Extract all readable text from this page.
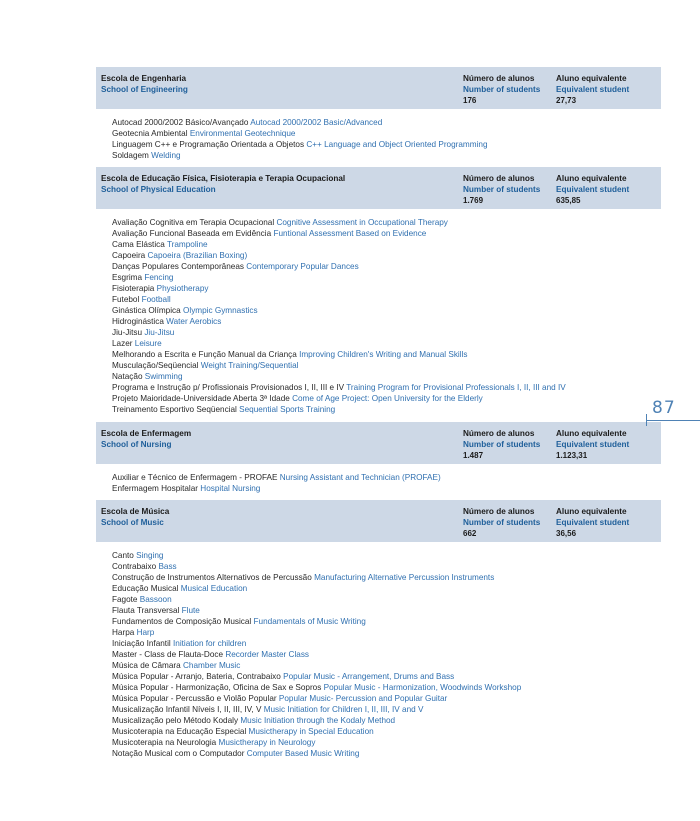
Escola de Engenharia
School of Engineering
Número de alunos
Number of students
176
Aluno equivalente
Equivalent student
27,73
Autocad 2000/2002 Básico/Avançado Autocad 2000/2002 Basic/Advanced
Geotecnia Ambiental Environmental Geotechnique
Linguagem C++ e Programação Orientada a Objetos C++ Language and Object Oriented Programming
Soldagem Welding
Escola de Educação Física, Fisioterapia e Terapia Ocupacional
School of Physical Education
Número de alunos
Number of students
1.769
Aluno equivalente
Equivalent student
635,85
Avaliação Cognitiva em Terapia Ocupacional Cognitive Assessment in Occupational Therapy
Avaliação Funcional Baseada em Evidência Funtional Assessment Based on Evidence
Cama Elástica Trampoline
Capoeira Capoeira (Brazilian Boxing)
Danças Populares Contemporâneas Contemporary Popular Dances
Esgrima Fencing
Fisioterapia Physiotherapy
Futebol Football
Ginástica Olímpica Olympic Gymnastics
Hidroginástica Water Aerobics
Jiu-Jitsu Jiu-Jitsu
Lazer Leisure
Melhorando a Escrita e Função Manual da Criança Improving Children's Writing and Manual Skills
Musculação/Seqüencial Weight Training/Sequential
Natação Swimming
Programa e Instrução p/ Profissionais Provisionados I, II, III e IV Training Program for Provisional Professionals I, II, III and IV
Projeto Maioridade-Universidade Aberta 3ª Idade Come of Age Project: Open University for the Elderly
Treinamento Esportivo Seqüencial Sequential Sports Training
Escola de Enfermagem
School of Nursing
Número de alunos
Number of students
1.487
Aluno equivalente
Equivalent student
1.123,31
Auxiliar e Técnico de Enfermagem - PROFAE Nursing Assistant and Technician (PROFAE)
Enfermagem Hospitalar Hospital Nursing
Escola de Música
School of Music
Número de alunos
Number of students
662
Aluno equivalente
Equivalent student
36,56
Canto Singing
Contrabaixo Bass
Construção de Instrumentos Alternativos de Percussão Manufacturing Alternative Percussion Instruments
Educação Musical Musical Education
Fagote Bassoon
Flauta Transversal Flute
Fundamentos de Composição Musical Fundamentals of Music Writing
Harpa Harp
Iniciação Infantil Initiation for children
Master - Class de Flauta-Doce Recorder Master Class
Música de Câmara Chamber Music
Música Popular - Arranjo, Bateria, Contrabaixo Popular Music - Arrangement, Drums and Bass
Música Popular - Harmonização, Oficina de Sax e Sopros Popular Music - Harmonization, Woodwinds Workshop
Música Popular - Percussão e Violão Popular Popular Music- Percussion and Popular Guitar
Musicalização Infantil Níveis I, II, III, IV, V Music Initiation for Children I, II, III, IV and V
Musicalização pelo Método Kodaly Music Initiation through the Kodaly Method
Musicoterapia na Educação Especial Musictherapy in Special Education
Musicoterapia na Neurologia Musictherapy in Neurology
Notação Musical com o Computador Computer Based Music Writing
87
